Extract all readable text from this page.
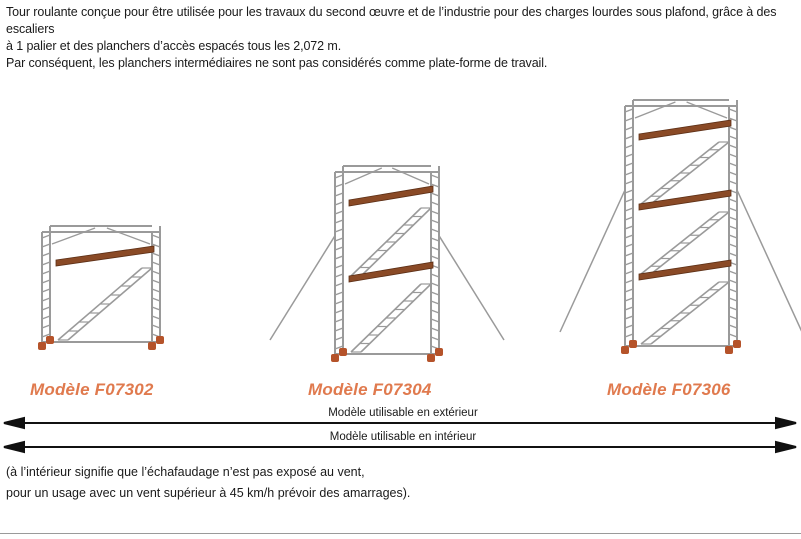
Tour roulante conçue pour être utilisée pour les travaux du second œuvre et de l’industrie pour des charges lourdes sous plafond, grâce à des escaliers

à 1 palier et des planchers d’accès espacés tous les 2,072 m.

Par conséquent, les planchers intermédiaires ne sont pas considérés comme plate-forme de travail.

Modèle F07302	Modèle F07304	Modèle F07306
Modèle utilisable en extérieur
Modèle utilisable en intérieur

(à l’intérieur signifie que l’échafaudage n’est pas exposé au vent,

pour un usage avec un vent supérieur à 45 km/h prévoir des amarrages).
